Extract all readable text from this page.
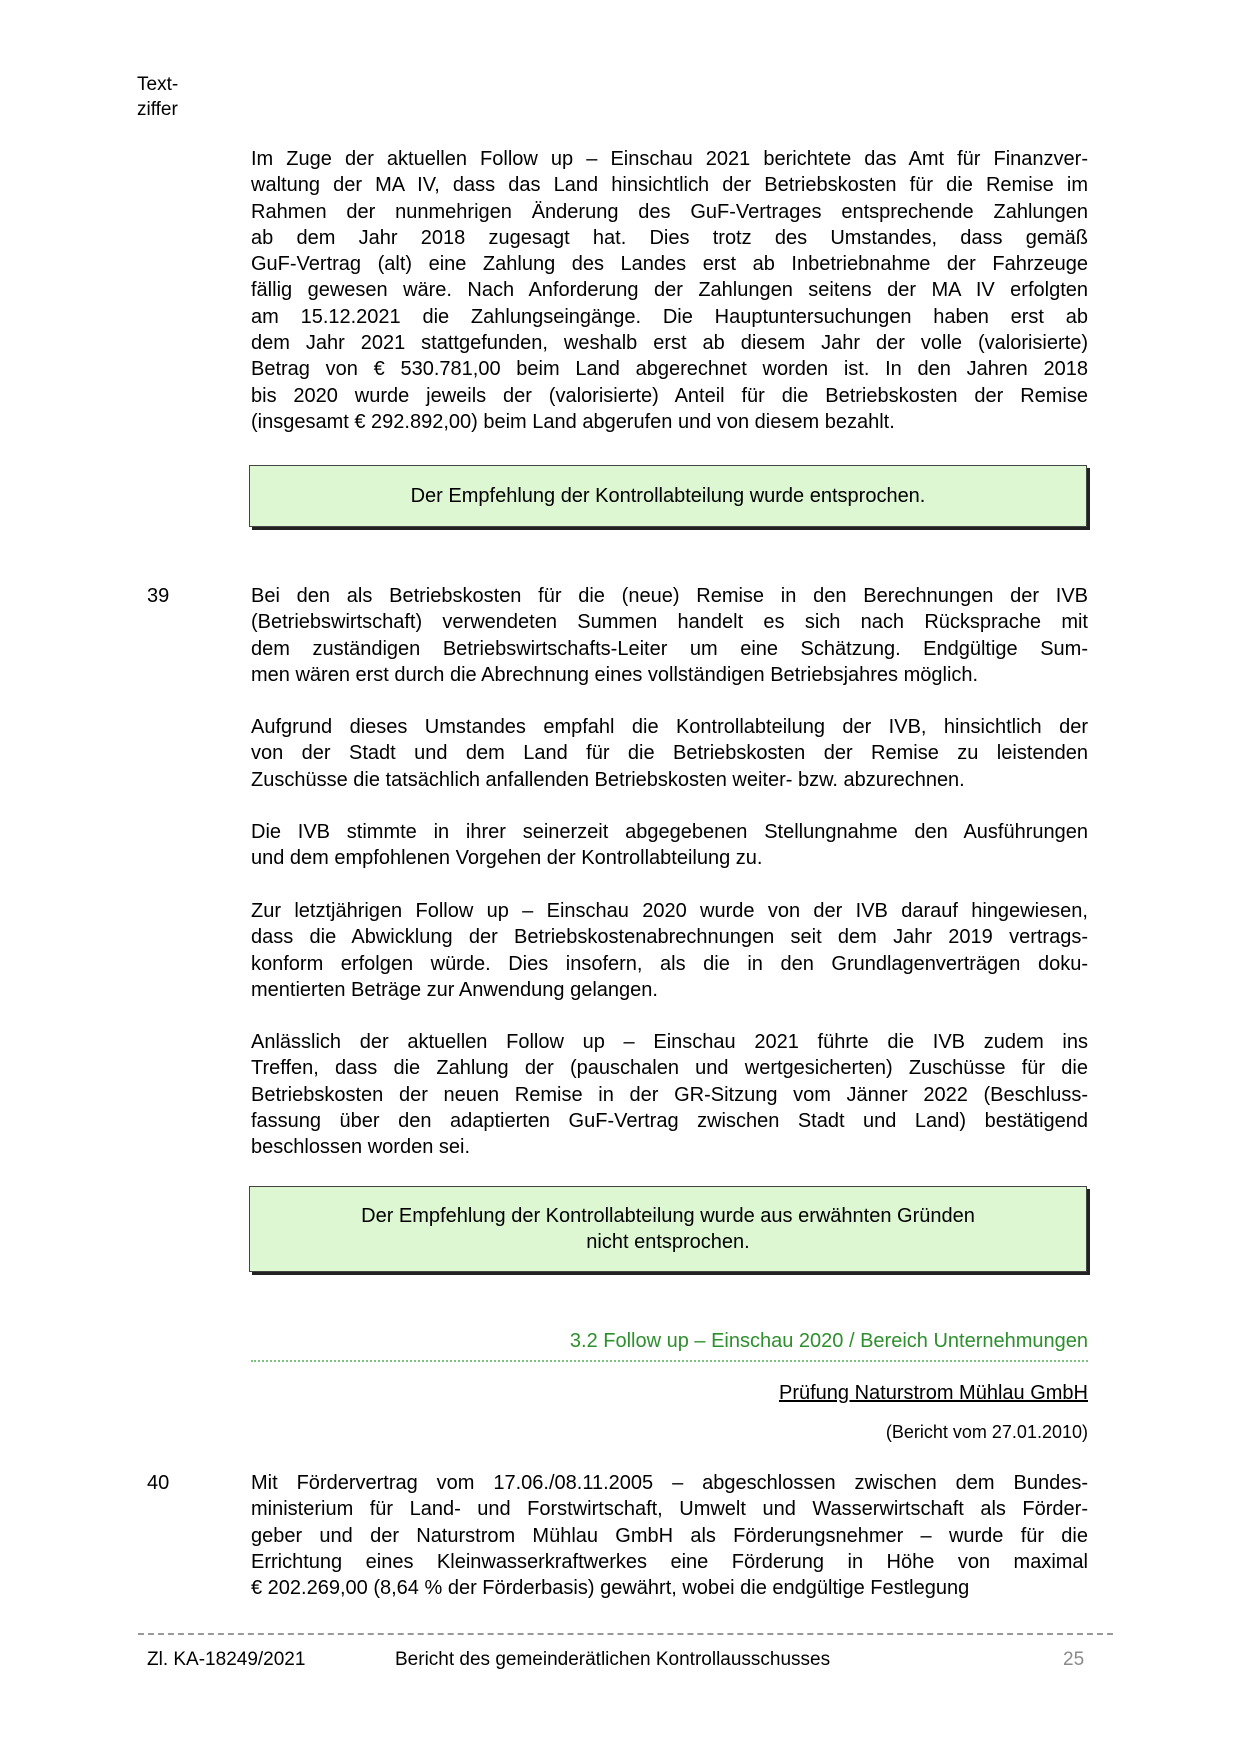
Text-
ziffer
Im Zuge der aktuellen Follow up – Einschau 2021 berichtete das Amt für Finanzver-
waltung der MA IV, dass das Land hinsichtlich der Betriebskosten für die Remise im
Rahmen der nunmehrigen Änderung des GuF-Vertrages entsprechende Zahlungen
ab dem Jahr 2018 zugesagt hat. Dies trotz des Umstandes, dass gemäß
GuF-Vertrag (alt) eine Zahlung des Landes erst ab Inbetriebnahme der Fahrzeuge
fällig gewesen wäre. Nach Anforderung der Zahlungen seitens der MA IV erfolgten
am 15.12.2021 die Zahlungseingänge. Die Hauptuntersuchungen haben erst ab
dem Jahr 2021 stattgefunden, weshalb erst ab diesem Jahr der volle (valorisierte)
Betrag von € 530.781,00 beim Land abgerechnet worden ist. In den Jahren 2018
bis 2020 wurde jeweils der (valorisierte) Anteil für die Betriebskosten der Remise
(insgesamt € 292.892,00) beim Land abgerufen und von diesem bezahlt.
Der Empfehlung der Kontrollabteilung wurde entsprochen.
39	Bei den als Betriebskosten für die (neue) Remise in den Berechnungen der IVB
(Betriebswirtschaft) verwendeten Summen handelt es sich nach Rücksprache mit
dem zuständigen Betriebswirtschafts-Leiter um eine Schätzung. Endgültige Sum-
men wären erst durch die Abrechnung eines vollständigen Betriebsjahres möglich.
Aufgrund dieses Umstandes empfahl die Kontrollabteilung der IVB, hinsichtlich der
von der Stadt und dem Land für die Betriebskosten der Remise zu leistenden
Zuschüsse die tatsächlich anfallenden Betriebskosten weiter- bzw. abzurechnen.
Die IVB stimmte in ihrer seinerzeit abgegebenen Stellungnahme den Ausführungen
und dem empfohlenen Vorgehen der Kontrollabteilung zu.
Zur letztjährigen Follow up – Einschau 2020 wurde von der IVB darauf hingewiesen,
dass die Abwicklung der Betriebskostenabrechnungen seit dem Jahr 2019 vertrags-
konform erfolgen würde. Dies insofern, als die in den Grundlagenverträgen doku-
mentierten Beträge zur Anwendung gelangen.
Anlässlich der aktuellen Follow up – Einschau 2021 führte die IVB zudem ins
Treffen, dass die Zahlung der (pauschalen und wertgesicherten) Zuschüsse für die
Betriebskosten der neuen Remise in der GR-Sitzung vom Jänner 2022 (Beschluss-
fassung über den adaptierten GuF-Vertrag zwischen Stadt und Land) bestätigend
beschlossen worden sei.
Der Empfehlung der Kontrollabteilung wurde aus erwähnten Gründen
nicht entsprochen.
3.2 Follow up – Einschau 2020 / Bereich Unternehmungen
Prüfung Naturstrom Mühlau GmbH
(Bericht vom 27.01.2010)
40	Mit Fördervertrag vom 17.06./08.11.2005 – abgeschlossen zwischen dem Bundes-
ministerium für Land- und Forstwirtschaft, Umwelt und Wasserwirtschaft als Förder-
geber und der Naturstrom Mühlau GmbH als Förderungsnehmer – wurde für die
Errichtung eines Kleinwasserkraftwerkes eine Förderung in Höhe von maximal
€ 202.269,00 (8,64 % der Förderbasis) gewährt, wobei die endgültige Festlegung
Zl. KA-18249/2021	Bericht des gemeinderätlichen Kontrollausschusses	25
